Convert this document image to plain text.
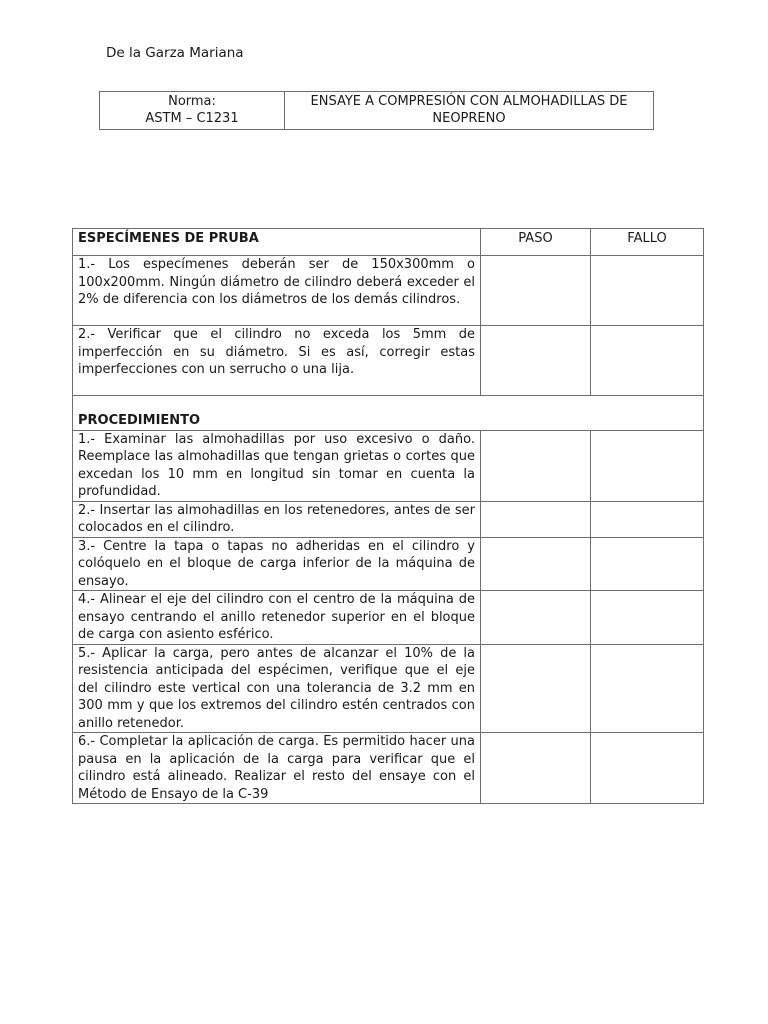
De la Garza Mariana
Norma:
ASTM – C1231
	ENSAYE A COMPRESIÓN CON ALMOHADILLAS DE NEOPRENO
ESPECÍMENES DE PRUBA	PASO	FALLO
1.- Los especímenes deberán ser de 150x300mm o 100x200mm. Ningún diámetro de cilindro deberá exceder el 2% de diferencia con los diámetros de los demás cilindros.		
2.- Verificar que el cilindro no exceda los 5mm de imperfección en su diámetro. Si es así, corregir estas imperfecciones con un serrucho o una lija.		
PROCEDIMIENTO		
1.- Examinar las almohadillas por uso excesivo o daño. Reemplace las almohadillas que tengan grietas o cortes que excedan los 10 mm en longitud sin tomar en cuenta la profundidad.		
2.- Insertar las almohadillas en los retenedores, antes de ser colocados en el cilindro.		
3.- Centre la tapa o tapas no adheridas en el cilindro y colóquelo en el bloque de carga inferior de la máquina de ensayo.		
4.- Alinear el eje del cilindro con el centro de la máquina de ensayo centrando el anillo retenedor superior en el bloque de carga con asiento esférico.		
5.- Aplicar la carga, pero antes de alcanzar el 10% de la resistencia anticipada del espécimen, verifique que el eje del cilindro este vertical con una tolerancia de 3.2 mm en 300 mm y que los extremos del cilindro estén centrados con anillo retenedor.		
6.- Completar la aplicación de carga. Es permitido hacer una pausa en la aplicación de la carga para verificar que el cilindro está alineado. Realizar el resto del ensaye con el Método de Ensayo de la C-39		
